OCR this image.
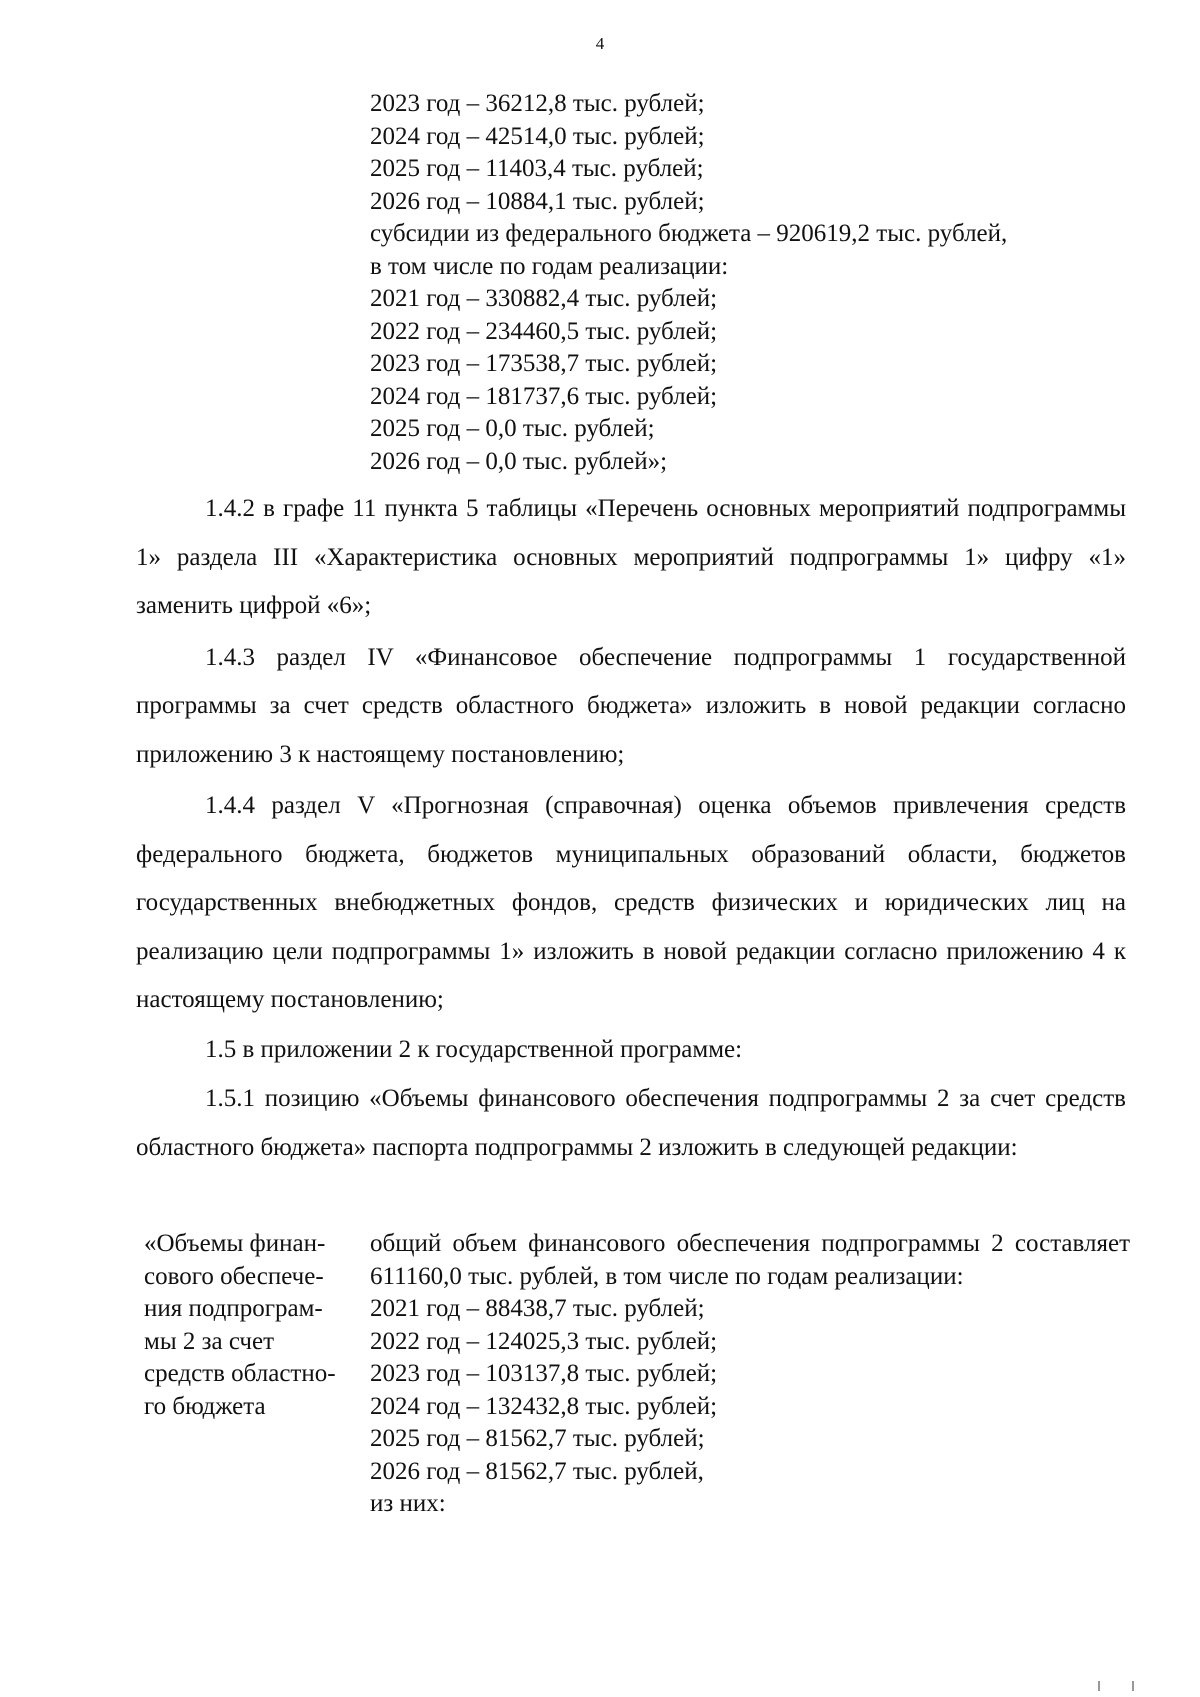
4
2023 год – 36212,8 тыс. рублей;
2024 год – 42514,0 тыс. рублей;
2025 год – 11403,4 тыс. рублей;
2026 год – 10884,1 тыс. рублей;
субсидии из федерального бюджета – 920619,2 тыс. рублей,
в том числе по годам реализации:
2021 год – 330882,4 тыс. рублей;
2022 год – 234460,5 тыс. рублей;
2023 год – 173538,7 тыс. рублей;
2024 год – 181737,6 тыс. рублей;
2025 год – 0,0 тыс. рублей;
2026 год – 0,0 тыс. рублей»;

1.4.2 в графе 11 пункта 5 таблицы «Перечень основных мероприятий подпрограммы 1» раздела III «Характеристика основных мероприятий подпрограммы 1» цифру «1» заменить цифрой «6»;

1.4.3 раздел IV «Финансовое обеспечение подпрограммы 1 государственной программы за счет средств областного бюджета» изложить в новой редакции согласно приложению 3 к настоящему постановлению;

1.4.4 раздел V «Прогнозная (справочная) оценка объемов привлечения средств федерального бюджета, бюджетов муниципальных образований области, бюджетов государственных внебюджетных фондов, средств физических и юридических лиц на реализацию цели подпрограммы 1» изложить в новой редакции согласно приложению 4 к настоящему постановлению;

1.5 в приложении 2 к государственной программе:

1.5.1 позицию «Объемы финансового обеспечения подпрограммы 2 за счет средств областного бюджета» паспорта подпрограммы 2 изложить в следующей редакции:

«Объемы финан-
сового обеспече-
ния подпрограм-
мы 2 за счет
средств областно-
го бюджета
общий объем финансового обеспечения подпрограммы 2 составляет 611160,0 тыс. рублей, в том числе по годам реализации:
2021 год – 88438,7 тыс. рублей;
2022 год – 124025,3 тыс. рублей;
2023 год – 103137,8 тыс. рублей;
2024 год – 132432,8 тыс. рублей;
2025 год – 81562,7 тыс. рублей;
2026 год – 81562,7 тыс. рублей,
из них:
